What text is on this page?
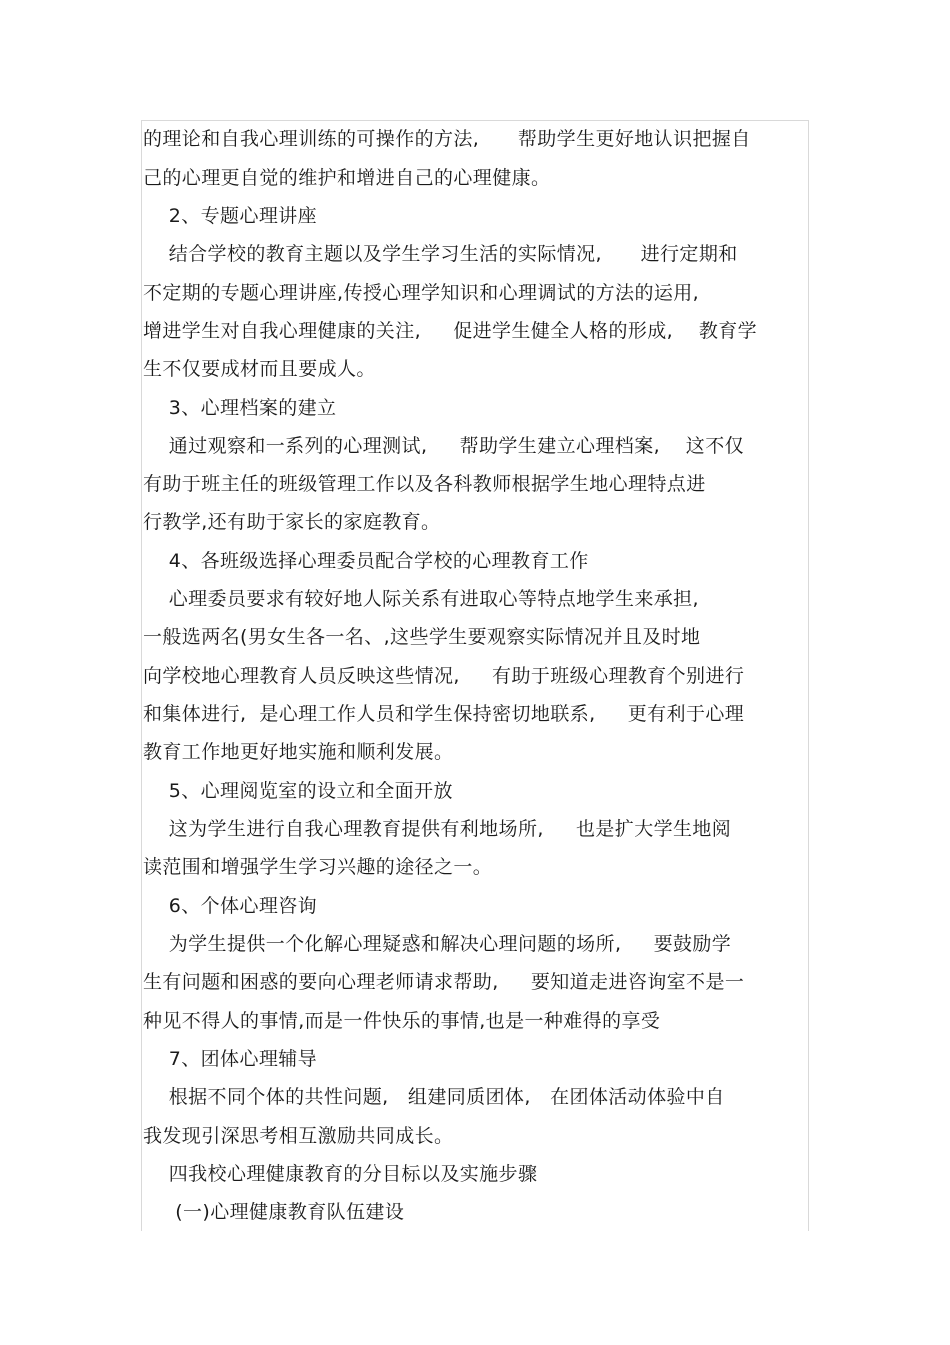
的理论和自我心理训练的可操作的方法,      帮助学生更好地认识把握自
己的心理更自觉的维护和增进自己的心理健康。
2、专题心理讲座
结合学校的教育主题以及学生学习生活的实际情况,      进行定期和
不定期的专题心理讲座,传授心理学知识和心理调试的方法的运用,
增进学生对自我心理健康的关注,     促进学生健全人格的形成,    教育学
生不仅要成材而且要成人。
3、心理档案的建立
通过观察和一系列的心理测试,     帮助学生建立心理档案,    这不仅
有助于班主任的班级管理工作以及各科教师根据学生地心理特点进
行教学,还有助于家长的家庭教育。
4、各班级选择心理委员配合学校的心理教育工作
心理委员要求有较好地人际关系有进取心等特点地学生来承担,
一般选两名(男女生各一名、,这些学生要观察实际情况并且及时地
向学校地心理教育人员反映这些情况,     有助于班级心理教育个别进行
和集体进行,  是心理工作人员和学生保持密切地联系,     更有利于心理
教育工作地更好地实施和顺利发展。
5、心理阅览室的设立和全面开放
这为学生进行自我心理教育提供有利地场所,     也是扩大学生地阅
读范围和增强学生学习兴趣的途径之一。
6、个体心理咨询
为学生提供一个化解心理疑惑和解决心理问题的场所,     要鼓励学
生有问题和困惑的要向心理老师请求帮助,     要知道走进咨询室不是一
种见不得人的事情,而是一件快乐的事情,也是一种难得的享受
7、团体心理辅导
根据不同个体的共性问题,   组建同质团体,   在团体活动体验中自
我发现引深思考相互激励共同成长。
四我校心理健康教育的分目标以及实施步骤
(一)心理健康教育队伍建设
